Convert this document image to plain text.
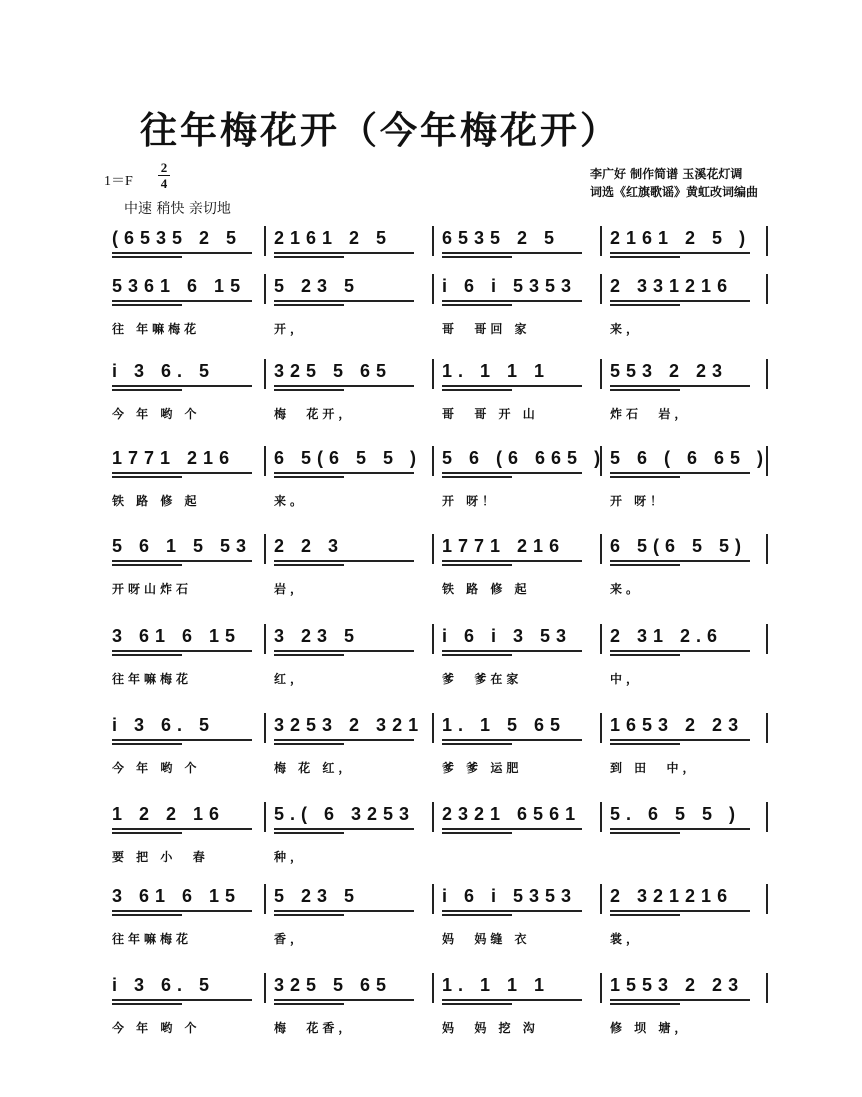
往年梅花开（今年梅花开）
1＝F
2
4
李广好 制作简谱 玉溪花灯调
词选《红旗歌谣》黄虹改词编曲
中速 稍快 亲切地
(6535 2 5 2161 2 5	6535 2 5	2161 2 5 )
5361 6 15
往 年嘛梅花
5 23 5
开，
i 6 i 5353
哥  哥回 家
2 331216
来，
i 3 6. 5
今 年 哟 个
325 5 65
梅  花开，
1. 1 1 1
哥  哥 开 山
553 2 23
炸石  岩，
1771 216
铁 路 修 起
6 5(6 5 5 )
来。
5 6 (6 665 )
开 呀！
5 6 ( 6 65 )
开 呀！
5 6 1 5 53
开呀山炸石
2 2 3
岩，
1771 216
铁 路 修 起
6 5(6 5 5)
来。
3 61 6 15
往年嘛梅花
3 23 5
红，
i 6 i 3 53
爹  爹在家
2 31 2.6
中，
i 3 6. 5
今 年 哟 个
3253 2 321
梅 花 红，
1. 1 5 65
爹 爹 运肥
1653 2 23
到 田  中，
1 2 2 16
要 把 小  春
5.( 6 3253
种，
2321 6561 5. 6 5 5 )
3 61 6 15
往年嘛梅花
5 23 5
香，
i 6 i 5353
妈  妈缝 衣
2 321216
裳，
i 3 6. 5
今 年 哟 个
325 5 65
梅  花香，
1. 1 1 1
妈  妈 挖 沟
1553 2 23
修 坝 塘，
